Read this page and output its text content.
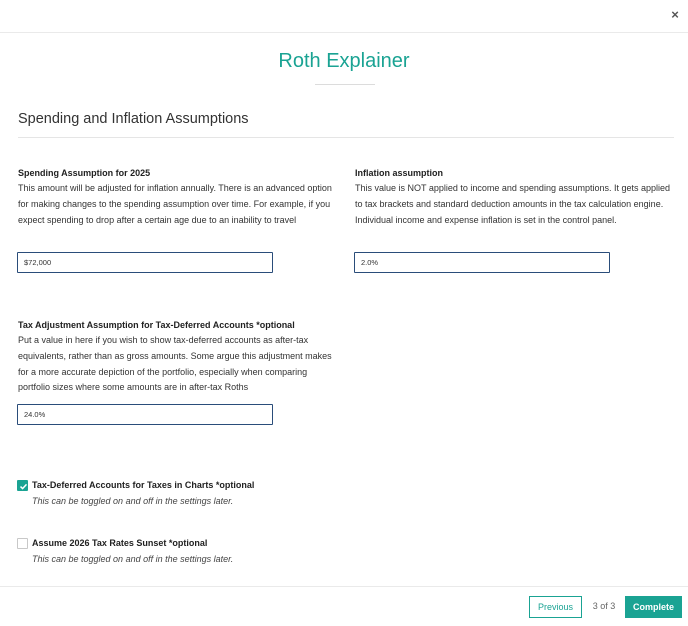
×
Roth Explainer
Spending and Inflation Assumptions
Spending Assumption for 2025
This amount will be adjusted for inflation annually. There is an advanced option for making changes to the spending assumption over time. For example, if you expect spending to drop after a certain age due to an inability to travel
$72,000
Inflation assumption
This value is NOT applied to income and spending assumptions. It gets applied to tax brackets and standard deduction amounts in the tax calculation engine. Individual income and expense inflation is set in the control panel.
2.0%
Tax Adjustment Assumption for Tax-Deferred Accounts *optional
Put a value in here if you wish to show tax-deferred accounts as after-tax equivalents, rather than as gross amounts. Some argue this adjustment makes for a more accurate depiction of the portfolio, especially when comparing portfolio sizes where some amounts are in after-tax Roths
24.0%
Tax-Deferred Accounts for Taxes in Charts *optional
This can be toggled on and off in the settings later.
Assume 2026 Tax Rates Sunset *optional
This can be toggled on and off in the settings later.
Previous	3 of 3	Complete
